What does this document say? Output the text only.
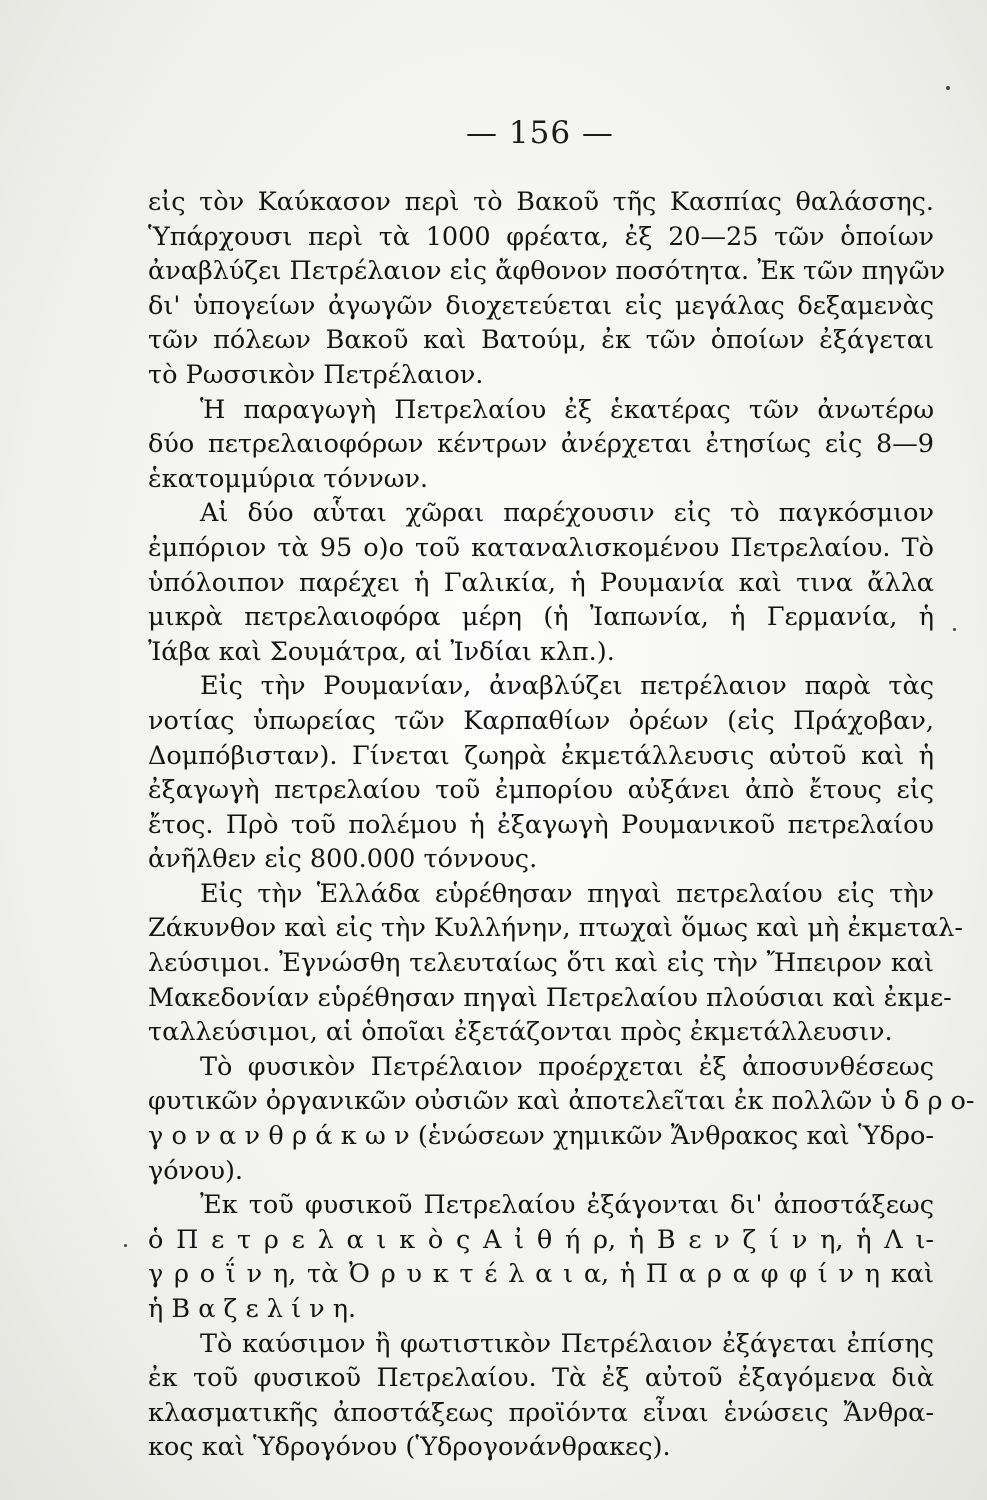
— 156 —
εἰς τὸν Καύκασον περὶ τὸ Βακοῦ τῆς Κασπίας θαλάσσης.
Ὑπάρχουσι περὶ τὰ 1000 φρέατα, ἐξ 20—25 τῶν ὁποίων
ἀναβλύζει Πετρέλαιον εἰς ἄφθονον ποσότητα. Ἐκ τῶν πηγῶν
δι' ὑπογείων ἀγωγῶν διοχετεύεται εἰς μεγάλας δεξαμενὰς
τῶν πόλεων Βακοῦ καὶ Βατούμ, ἐκ τῶν ὁποίων ἐξάγεται
τὸ Ρωσσικὸν Πετρέλαιον.
Ἡ παραγωγὴ Πετρελαίου ἐξ ἑκατέρας τῶν ἀνωτέρω
δύο πετρελαιοφόρων κέντρων ἀνέρχεται ἐτησίως εἰς 8—9
ἑκατομμύρια τόννων.
Αἱ δύο αὗται χῶραι παρέχουσιν εἰς τὸ παγκόσμιον
ἐμπόριον τὰ 95 ο)ο τοῦ καταναλισκομένου Πετρελαίου. Τὸ
ὑπόλοιπον παρέχει ἡ Γαλικία, ἡ Ρουμανία καὶ τινα ἄλλα
μικρὰ πετρελαιοφόρα μέρη (ἡ Ἰαπωνία, ἡ Γερμανία, ἡ
Ἰάβα καὶ Σουμάτρα, αἱ Ἰνδίαι κλπ.).
Εἰς τὴν Ρουμανίαν, ἀναβλύζει πετρέλαιον παρὰ τὰς
νοτίας ὑπωρείας τῶν Καρπαθίων ὀρέων (εἰς Πράχοβαν,
Δομπόβισταν). Γίνεται ζωηρὰ ἐκμετάλλευσις αὐτοῦ καὶ ἡ
ἐξαγωγὴ πετρελαίου τοῦ ἐμπορίου αὐξάνει ἀπὸ ἔτους εἰς
ἔτος. Πρὸ τοῦ πολέμου ἡ ἐξαγωγὴ Ρουμανικοῦ πετρελαίου
ἀνῆλθεν εἰς 800.000 τόννους.
Εἰς τὴν Ἑλλάδα εὑρέθησαν πηγαὶ πετρελαίου εἰς τὴν
Ζάκυνθον καὶ εἰς τὴν Κυλλήνην, πτωχαὶ ὅμως καὶ μὴ ἐκμεταλ-
λεύσιμοι. Ἐγνώσθη τελευταίως ὅτι καὶ εἰς τὴν Ἤπειρον καὶ
Μακεδονίαν εὑρέθησαν πηγαὶ Πετρελαίου πλούσιαι καὶ ἐκμε-
ταλλεύσιμοι, αἱ ὁποῖαι ἐξετάζονται πρὸς ἐκμετάλλευσιν.
Τὸ φυσικὸν Πετρέλαιον προέρχεται ἐξ ἀποσυνθέσεως
φυτικῶν ὀργανικῶν οὐσιῶν καὶ ἀποτελεῖται ἐκ πολλῶν ὑ δ ρ ο-
γ ο ν α ν θ ρ ά κ ω ν (ἑνώσεων χημικῶν Ἄνθρακος καὶ Ὑδρο-
γόνου).
Ἐκ τοῦ φυσικοῦ Πετρελαίου ἐξάγονται δι' ἀποστάξεως
ὁ Π ε τ ρ ε λ α ι κ ὸ ς Α ἰ θ ή ρ, ἡ Β ε ν ζ ί ν η, ἡ Λ ι-
γ ρ ο ΐ ν η, τὰ Ὀ ρ υ κ τ έ λ α ι α, ἡ Π α ρ α φ φ ί ν η καὶ
ἡ Β α ζ ε λ ί ν η.
Τὸ καύσιμον ἢ φωτιστικὸν Πετρέλαιον ἐξάγεται ἐπίσης
ἐκ τοῦ φυσικοῦ Πετρελαίου. Τὰ ἐξ αὐτοῦ ἐξαγόμενα διὰ
κλασματικῆς ἀποστάξεως προϊόντα εἶναι ἑνώσεις Ἄνθρα-
κος καὶ Ὑδρογόνου (Ὑδρογονάνθρακες).
